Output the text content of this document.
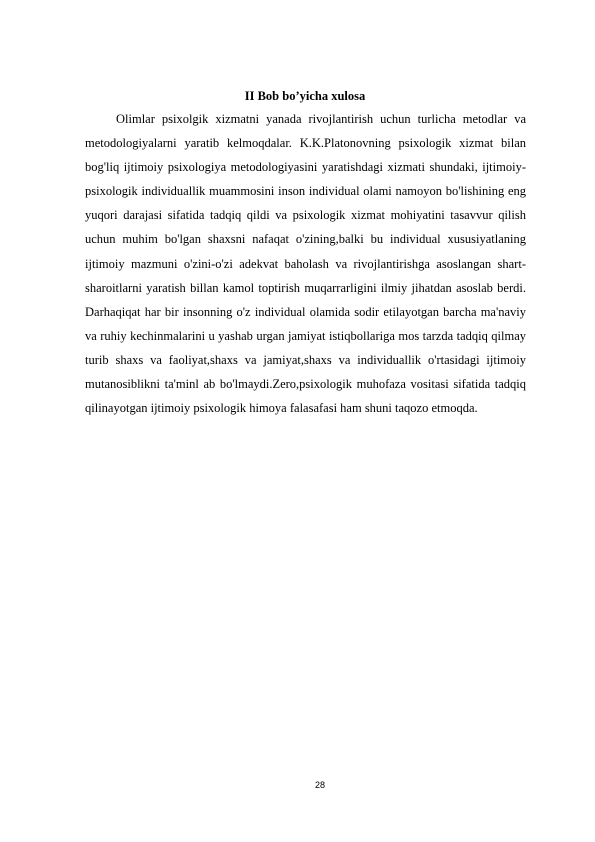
II Bob bo’yicha xulosa

Olimlar psixolgik xizmatni yanada rivojlantirish uchun turlicha metodlar va metodologiyalarni yaratib kelmoqdalar. K.K.Platonovning psixologik xizmat bilan bog'liq ijtimoiy psixologiya metodologiyasini yaratishdagi xizmati shundaki, ijtimoiy-psixologik individuallik muammosini inson individual olami namoyon bo'lishining eng yuqori darajasi sifatida tadqiq qildi va psixologik xizmat mohiyatini tasavvur qilish uchun muhim bo'lgan shaxsni nafaqat o'zining,balki bu individual xususiyatlaning ijtimoiy mazmuni o'zini-o'zi adekvat baholash va rivojlantirishga asoslangan shart-sharoitlarni yaratish billan kamol toptirish muqarrarligini ilmiy jihatdan asoslab berdi. Darhaqiqat har bir insonning o'z individual olamida sodir etilayotgan barcha ma'naviy va ruhiy kechinmalarini u yashab urgan jamiyat istiqbollariga mos tarzda tadqiq qilmay turib shaxs va faoliyat,shaxs va jamiyat,shaxs va individuallik o'rtasidagi ijtimoiy mutanosiblikni ta'minl ab bo'lmaydi.Zero,psixologik muhofaza vositasi sifatida tadqiq qilinayotgan ijtimoiy psixologik himoya falasafasi ham shuni taqozo etmoqda.

28
